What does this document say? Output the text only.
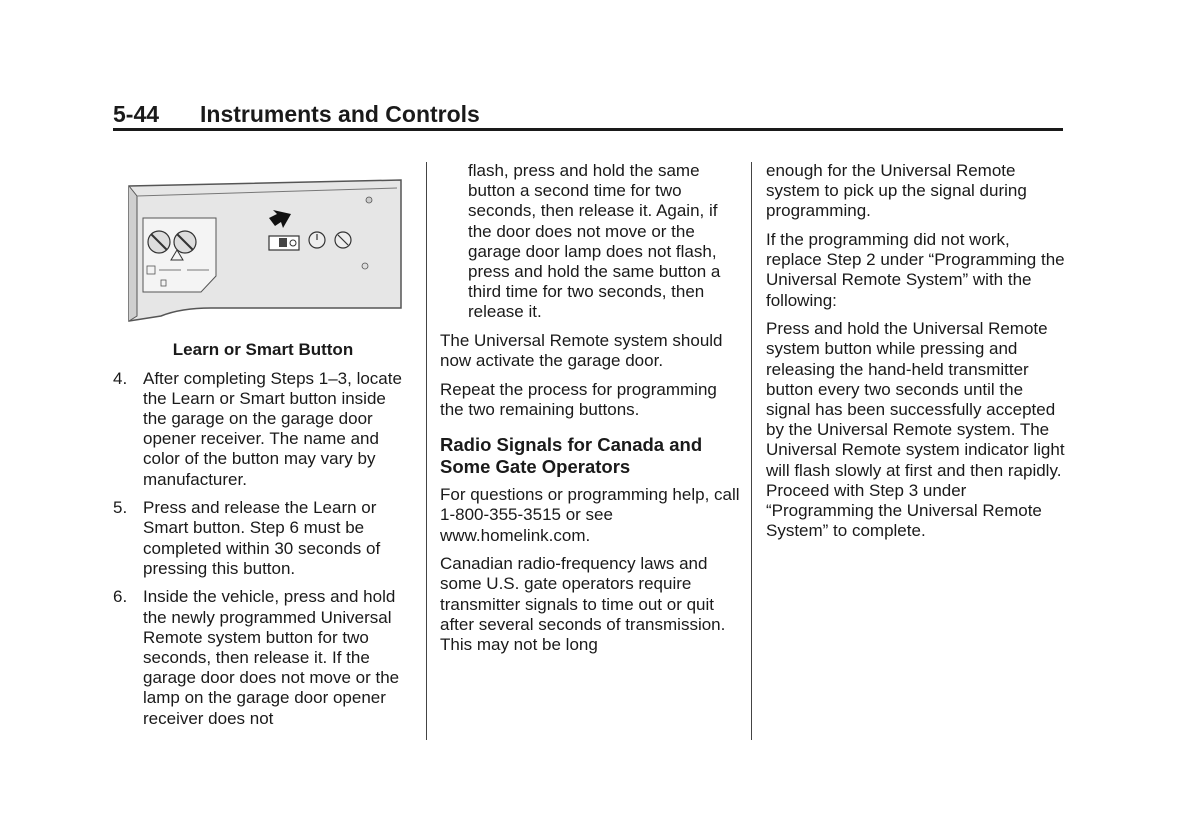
5-44 Instruments and Controls

Learn or Smart Button

4. After completing Steps 1–3, locate the Learn or Smart button inside the garage on the garage door opener receiver. The name and color of the button may vary by manufacturer.
5. Press and release the Learn or Smart button. Step 6 must be completed within 30 seconds of pressing this button.
6. Inside the vehicle, press and hold the newly programmed Universal Remote system button for two seconds, then release it. If the garage door does not move or the lamp on the garage door opener receiver does not

flash, press and hold the same button a second time for two seconds, then release it. Again, if the door does not move or the garage door lamp does not flash, press and hold the same button a third time for two seconds, then release it.

The Universal Remote system should now activate the garage door.

Repeat the process for programming the two remaining buttons.

Radio Signals for Canada and Some Gate Operators

For questions or programming help, call 1-800-355-3515 or see www.homelink.com.

Canadian radio-frequency laws and some U.S. gate operators require transmitter signals to time out or quit after several seconds of transmission. This may not be long

enough for the Universal Remote system to pick up the signal during programming.

If the programming did not work, replace Step 2 under “Programming the Universal Remote System” with the following:

Press and hold the Universal Remote system button while pressing and releasing the hand-held transmitter button every two seconds until the signal has been successfully accepted by the Universal Remote system. The Universal Remote system indicator light will flash slowly at first and then rapidly. Proceed with Step 3 under “Programming the Universal Remote System” to complete.
